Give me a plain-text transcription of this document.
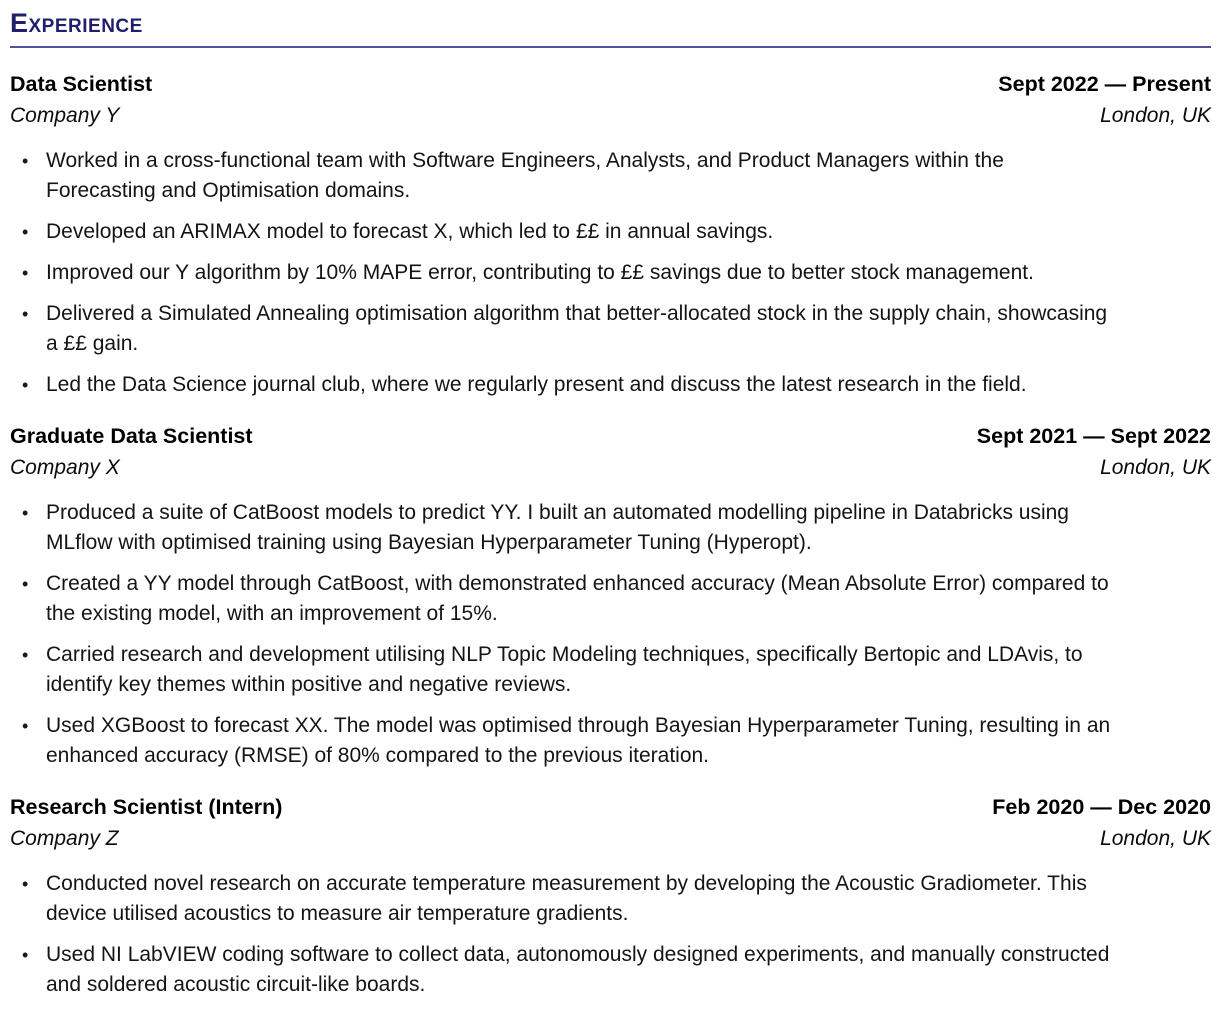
Experience
Data Scientist	Sept 2022 — Present
Company Y	London, UK
• Worked in a cross-functional team with Software Engineers, Analysts, and Product Managers within the Forecasting and Optimisation domains.
• Developed an ARIMAX model to forecast X, which led to ££ in annual savings.
• Improved our Y algorithm by 10% MAPE error, contributing to ££ savings due to better stock management.
• Delivered a Simulated Annealing optimisation algorithm that better-allocated stock in the supply chain, showcasing a ££ gain.
• Led the Data Science journal club, where we regularly present and discuss the latest research in the field.
Graduate Data Scientist	Sept 2021 — Sept 2022
Company X	London, UK
• Produced a suite of CatBoost models to predict YY. I built an automated modelling pipeline in Databricks using MLflow with optimised training using Bayesian Hyperparameter Tuning (Hyperopt).
• Created a YY model through CatBoost, with demonstrated enhanced accuracy (Mean Absolute Error) compared to the existing model, with an improvement of 15%.
• Carried research and development utilising NLP Topic Modeling techniques, specifically Bertopic and LDAvis, to identify key themes within positive and negative reviews.
• Used XGBoost to forecast XX. The model was optimised through Bayesian Hyperparameter Tuning, resulting in an enhanced accuracy (RMSE) of 80% compared to the previous iteration.
Research Scientist (Intern)	Feb 2020 — Dec 2020
Company Z	London, UK
• Conducted novel research on accurate temperature measurement by developing the Acoustic Gradiometer. This device utilised acoustics to measure air temperature gradients.
• Used NI LabVIEW coding software to collect data, autonomously designed experiments, and manually constructed and soldered acoustic circuit-like boards.
